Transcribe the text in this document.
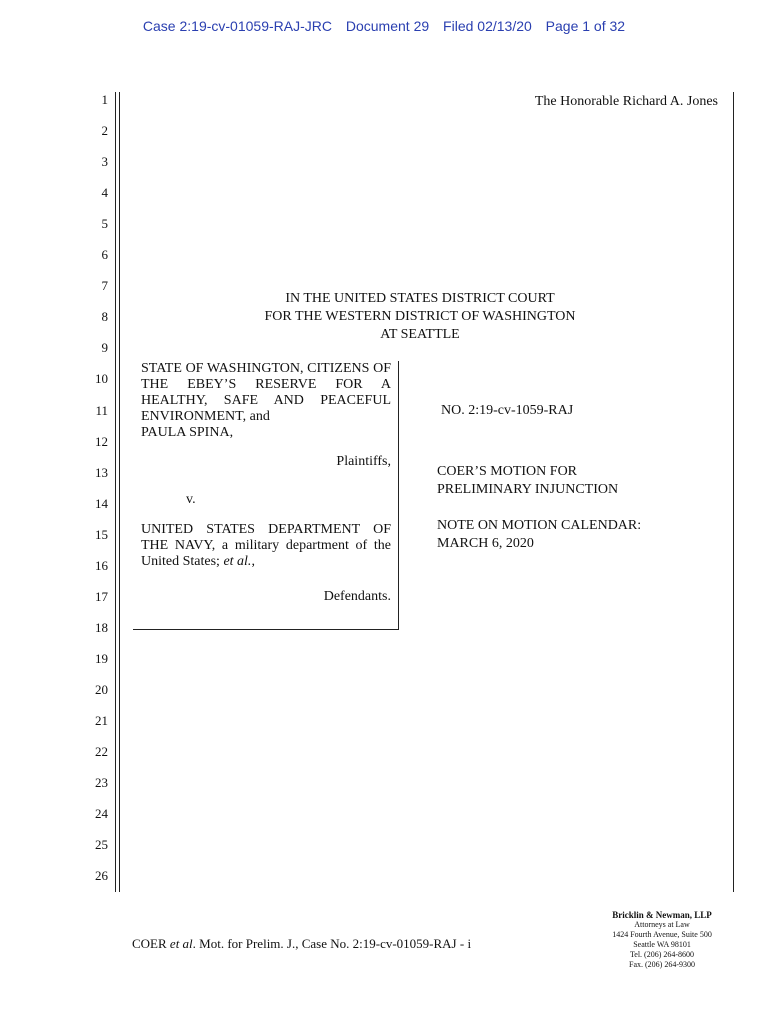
Case 2:19-cv-01059-RAJ-JRC Document 29 Filed 02/13/20 Page 1 of 32
1
2
3
4
5
6
7
8
9
10
11
12
13
14
15
16
17
18
19
20
21
22
23
24
25
26
The Honorable Richard A. Jones
IN THE UNITED STATES DISTRICT COURT
FOR THE WESTERN DISTRICT OF WASHINGTON
AT SEATTLE
STATE OF WASHINGTON, CITIZENS OF THE EBEY’S RESERVE FOR A HEALTHY, SAFE AND PEACEFUL ENVIRONMENT, and
PAULA SPINA,
Plaintiffs,
v.
UNITED STATES DEPARTMENT OF THE NAVY, a military department of the United States; et al.,
Defendants.
NO. 2:19-cv-1059-RAJ
COER’S MOTION FOR
PRELIMINARY INJUNCTION
NOTE ON MOTION CALENDAR:
MARCH 6, 2020
COER et al. Mot. for Prelim. J., Case No. 2:19-cv-01059-RAJ - i
Bricklin & Newman, LLP
Attorneys at Law
1424 Fourth Avenue, Suite 500
Seattle WA 98101
Tel. (206) 264-8600
Fax. (206) 264-9300
